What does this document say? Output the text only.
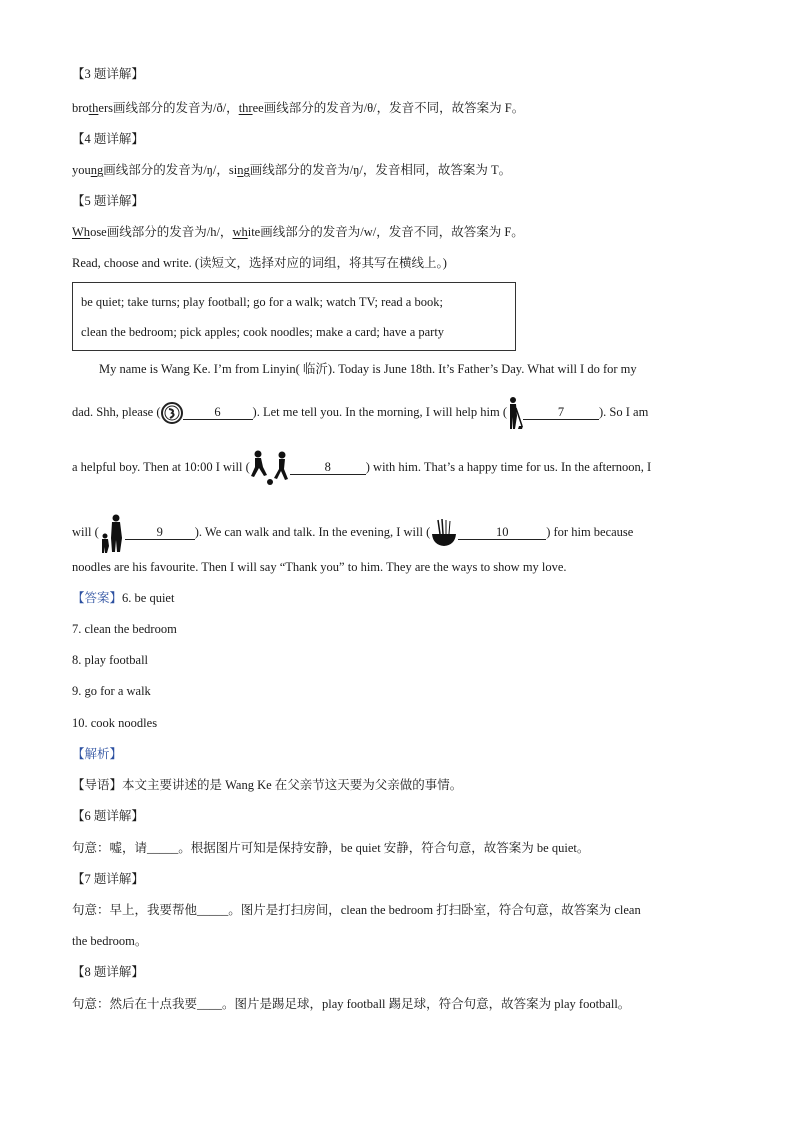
【3 题详解】
brothers画线部分的发音为/ð/，three画线部分的发音为/θ/，发音不同，故答案为 F。
【4 题详解】
young画线部分的发音为/ŋ/，sing画线部分的发音为/ŋ/，发音相同，故答案为 T。
【5 题详解】
Whose画线部分的发音为/h/，white画线部分的发音为/w/，发音不同，故答案为 F。
Read, choose and write. (读短文，选择对应的词组，将其写在横线上。)
be quiet; take turns; play football; go for a walk; watch TV; read a book;
clean the bedroom; pick apples; cook noodles; make a card; have a party
My name is Wang Ke. I’m from Linyin( 临沂). Today is June 18th. It’s Father’s Day. What will I do for my
dad. Shh, please (	6	). Let me tell you. In the morning, I will help him (	7	). So I am
a helpful boy. Then at 10:00 I will (	8	) with him. That’s a happy time for us. In the afternoon, I
will (	9	). We can walk and talk. In the evening, I will (	10	) for him because
noodles are his favourite. Then I will say “Thank you” to him. They are the ways to show my love.
【答案】6. be quiet
7. clean the bedroom
8. play football
9. go for a walk
10. cook noodles
【解析】
【导语】本文主要讲述的是 Wang Ke 在父亲节这天要为父亲做的事情。
【6 题详解】
句意：嘘，请_____。根据图片可知是保持安静，be quiet 安静，符合句意，故答案为 be quiet。
【7 题详解】
句意：早上，我要帮他_____。图片是打扫房间，clean the bedroom 打扫卧室，符合句意，故答案为 clean
the bedroom。
【8 题详解】
句意：然后在十点我要____。图片是踢足球，play football 踢足球，符合句意，故答案为 play football。
